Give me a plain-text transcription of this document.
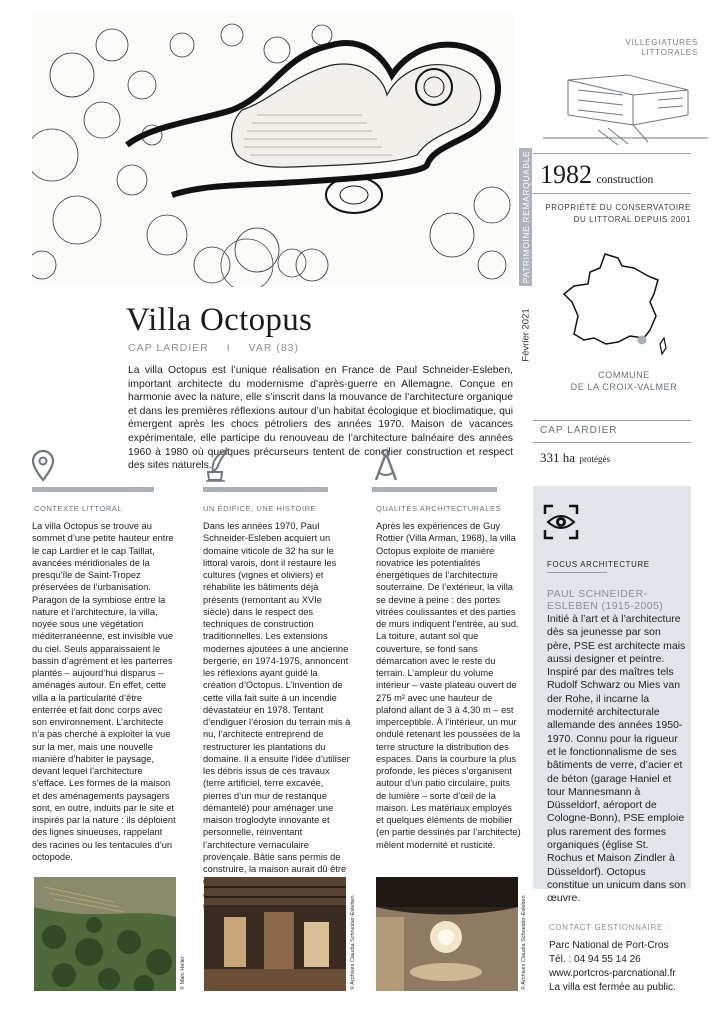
PATRIMOINE REMARQUABLE
VILLEGIATURES
LITTORALES
1982 construction
PROPRIÉTÉ DU CONSERVATOIRE
DU LITTORAL DEPUIS 2001
Février 2021
COMMUNE
DE LA CROIX-VALMER
CAP LARDIER
331 ha protégés
Villa Octopus
CAP LARDIER I VAR (83)
La villa Octopus est l’unique réalisation en France de Paul Schneider-Esleben, important architecte du modernisme d’après-guerre en Allemagne. Conçue en harmonie avec la nature, elle s’inscrit dans la mouvance de l’architecture organique et dans les premières réflexions autour d’un habitat écologique et bioclimatique, qui émergent après les chocs pétroliers des années 1970. Maison de vacances expérimentale, elle participe du renouveau de l’architecture balnéaire des années 1960 à 1980 où quelques précurseurs tentent de concilier construction et respect des sites naturels.
CONTEXTE LITTORAL	UN ÉDIFICE, UNE HISTOIRE	QUALITÉS ARCHITECTURALES
La villa Octopus se trouve au sommet d’une petite hauteur entre le cap Lardier et le cap Taillat, avancées méridionales de la presqu’île de Saint-Tropez préservées de l’urbanisation. Paragon de la symbiose entre la nature et l’architecture, la villa, noyée sous une végétation méditerranéenne, est invisible vue du ciel. Seuls apparaissaient le bassin d’agrément et les parterres plantés – aujourd’hui disparus – aménagés autour. En effet, cette villa a la particularité d’être enterrée et fait donc corps avec son environnement. L’architecte n’a pas cherché à exploiter la vue sur la mer, mais une nouvelle manière d’habiter le paysage, devant lequel l’architecture s’efface. Les formes de la maison et des aménagements paysagers sont, en outre, induits par le site et inspirés par la nature : ils déploient des lignes sinueuses, rappelant des racines ou les tentacules d’un octopode.
Dans les années 1970, Paul Schneider-Esleben acquiert un domaine viticole de 32 ha sur le littoral varois, dont il restaure les cultures (vignes et oliviers) et réhabilite les bâtiments déjà présents (remontant au XVIe siècle) dans le respect des techniques de construction traditionnelles. Les extensions modernes ajoutées à une ancienne bergerie, en 1974-1975, annoncent les réflexions ayant guidé la création d’Octopus. L’invention de cette villa fait suite à un incendie dévastateur en 1978. Tentant d’endiguer l’érosion du terrain mis à nu, l’architecte entreprend de restructurer les plantations du domaine. Il a ensuite l’idée d’utiliser les débris issus de ces travaux (terre artificiel, terre excavée, pierres d’un mur de restanque démantelé) pour aménager une maison troglodyte innovante et personnelle, réinventant l’architecture vernaculaire provençale. Bâtie sans permis de construire, la maison aurait dû être
Après les expériences de Guy Rottier (Villa Arman, 1968), la villa Octopus exploite de manière novatrice les potentialités énergétiques de l’architecture souterraine. De l’extérieur, la villa se devine à peine : des portes vitrées coulissantes et des parties de murs indiquent l’entrée, au sud. La toiture, autant sol que couverture, se fond sans démarcation avec le reste du terrain. L’ampleur du volume intérieur – vaste plateau ouvert de 275 m² avec une hauteur de plafond allant de 3 à 4,30 m – est imperceptible. À l’intérieur, un mur ondulé retenant les poussées de la terre structure la distribution des espaces. Dans la courbure la plus profonde, les pièces s’organisent autour d’un patio circulaire, puits de lumière – sorte d’œil de la maison. Les matériaux employés et quelques éléments de mobilier (en partie dessinés par l’architecte) mêlent modernité et rusticité.
© Marc Heller	© Archives Claudia Schneider-Esleben	© Archives Claudia Schneider-Esleben
FOCUS ARCHITECTURE
PAUL SCHNEIDER-
ESLEBEN (1915-2005)
Initié à l’art et à l’architecture dès sa jeunesse par son père, PSE est architecte mais aussi designer et peintre. Inspiré par des maîtres tels Rudolf Schwarz ou Mies van der Rohe, il incarne la modernité architecturale allemande des années 1950-1970. Connu pour la rigueur et le fonctionnalisme de ses bâtiments de verre, d’acier et de béton (garage Haniel et tour Mannesmann à Düsseldorf, aéroport de Cologne-Bonn), PSE emploie plus rarement des formes organiques (église St. Rochus et Maison Zindler à Düsseldorf). Octopus constitue un unicum dans son œuvre.
CONTACT GESTIONNAIRE :
Parc National de Port-Cros
Tél. : 04 94 55 14 26
www.portcros-parcnational.fr
La villa est fermée au public.
